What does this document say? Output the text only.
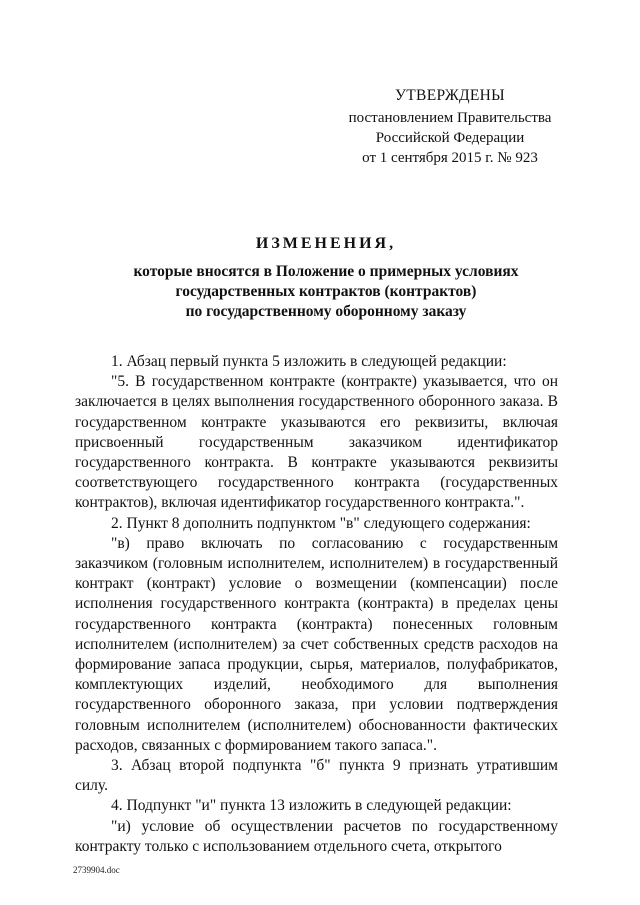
УТВЕРЖДЕНЫ
постановлением Правительства
Российской Федерации
от 1 сентября 2015 г. № 923
ИЗМЕНЕНИЯ,
которые вносятся в Положение о примерных условиях
государственных контрактов (контрактов)
по государственному оборонному заказу

1. Абзац первый пункта 5 изложить в следующей редакции:

"5. В государственном контракте (контракте) указывается, что он заключается в целях выполнения государственного оборонного заказа. В государственном контракте указываются его реквизиты, включая присвоенный государственным заказчиком идентификатор государственного контракта. В контракте указываются реквизиты соответствующего государственного контракта (государственных контрактов), включая идентификатор государственного контракта.".

2. Пункт 8 дополнить подпунктом "в" следующего содержания:

"в) право включать по согласованию с государственным заказчиком (головным исполнителем, исполнителем) в государственный контракт (контракт) условие о возмещении (компенсации) после исполнения государственного контракта (контракта) в пределах цены государственного контракта (контракта) понесенных головным исполнителем (исполнителем) за счет собственных средств расходов на формирование запаса продукции, сырья, материалов, полуфабрикатов, комплектующих изделий, необходимого для выполнения государственного оборонного заказа, при условии подтверждения головным исполнителем (исполнителем) обоснованности фактических расходов, связанных с формированием такого запаса.".

3. Абзац второй подпункта "б" пункта 9 признать утратившим силу.

4. Подпункт "и" пункта 13 изложить в следующей редакции:

"и) условие об осуществлении расчетов по государственному контракту только с использованием отдельного счета, открытого

2739904.doc
